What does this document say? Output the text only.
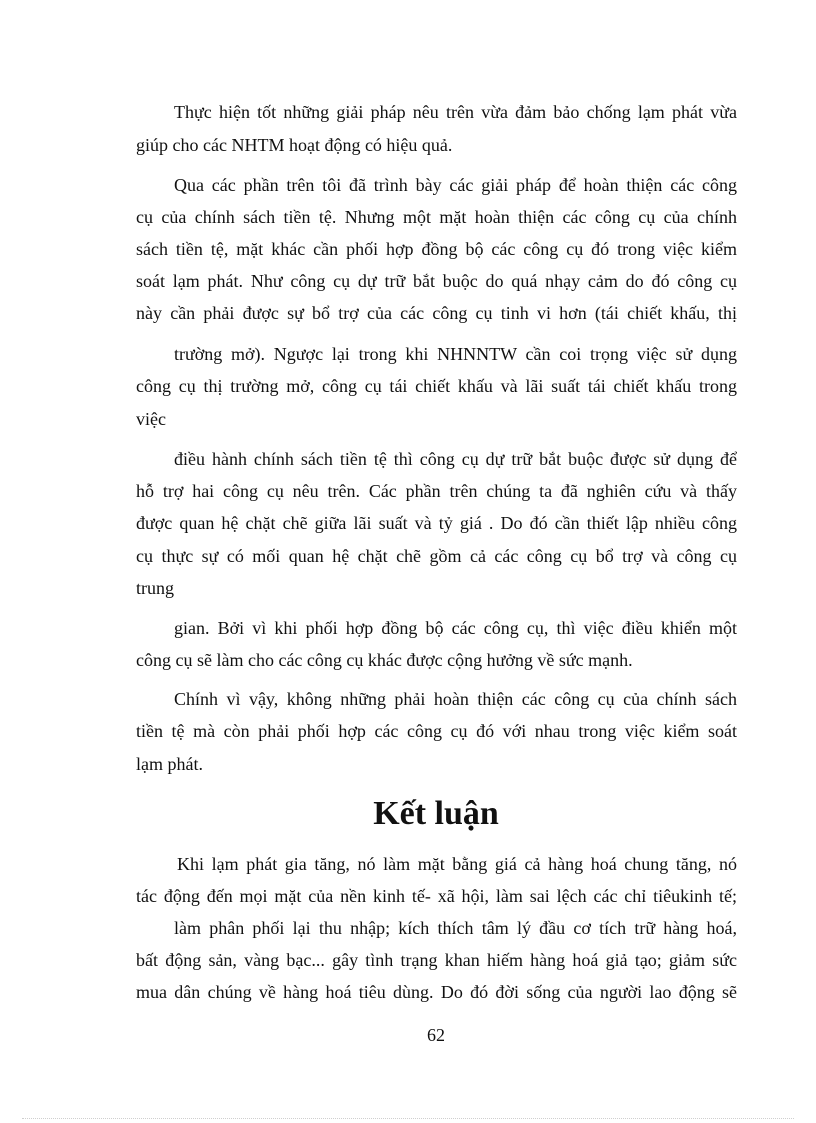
Thực hiện tốt những giải pháp nêu trên vừa đảm bảo chống lạm phát vừa
giúp cho các NHTM hoạt động có hiệu quả.
Qua các phần trên tôi đã trình bày các giải pháp để hoàn thiện các công
cụ của chính sách tiền tệ. Nhưng một mặt hoàn thiện các công cụ của chính
sách tiền tệ, mặt khác cần phối hợp đồng bộ các công cụ đó trong việc kiểm
soát lạm phát. Như công cụ dự trữ bắt buộc do quá nhạy cảm do đó công cụ
này cần phải được sự bổ trợ của các công cụ tinh vi hơn (tái chiết khấu, thị
trường mở). Ngược lại trong khi NHNNTW cần coi trọng việc sử dụng
công cụ thị trường mở, công cụ tái chiết khấu và lãi suất tái chiết khấu trong
việc
điều hành chính sách tiền tệ thì công cụ dự trữ bắt buộc được sử dụng để
hỗ trợ hai công cụ nêu trên. Các phần trên chúng ta đã nghiên cứu và thấy
được quan hệ chặt chẽ giữa lãi suất và tỷ giá . Do đó cần thiết lập nhiều công
cụ thực sự có mối quan hệ chặt chẽ gồm cả các công cụ bổ trợ và công cụ
trung
gian. Bởi vì khi phối hợp đồng bộ các công cụ, thì việc điều khiển một
công cụ sẽ làm cho các công cụ khác được cộng hưởng về sức mạnh.
Chính vì vậy, không những phải hoàn thiện các công cụ của chính sách
tiền tệ mà còn phải phối hợp các công cụ đó với nhau trong việc kiểm soát
lạm phát.
Kết luận
Khi lạm phát gia tăng, nó làm mặt bằng giá cả hàng hoá chung tăng, nó
tác động đến mọi mặt của nền kinh tế- xã hội, làm sai lệch các chỉ tiêukinh tế;
làm phân phối lại thu nhập; kích thích tâm lý đầu cơ tích trữ hàng hoá,
bất động sản, vàng bạc... gây tình trạng khan hiếm hàng hoá giả tạo; giảm sức
mua dân chúng về hàng hoá tiêu dùng. Do đó đời sống của người lao động sẽ
62
